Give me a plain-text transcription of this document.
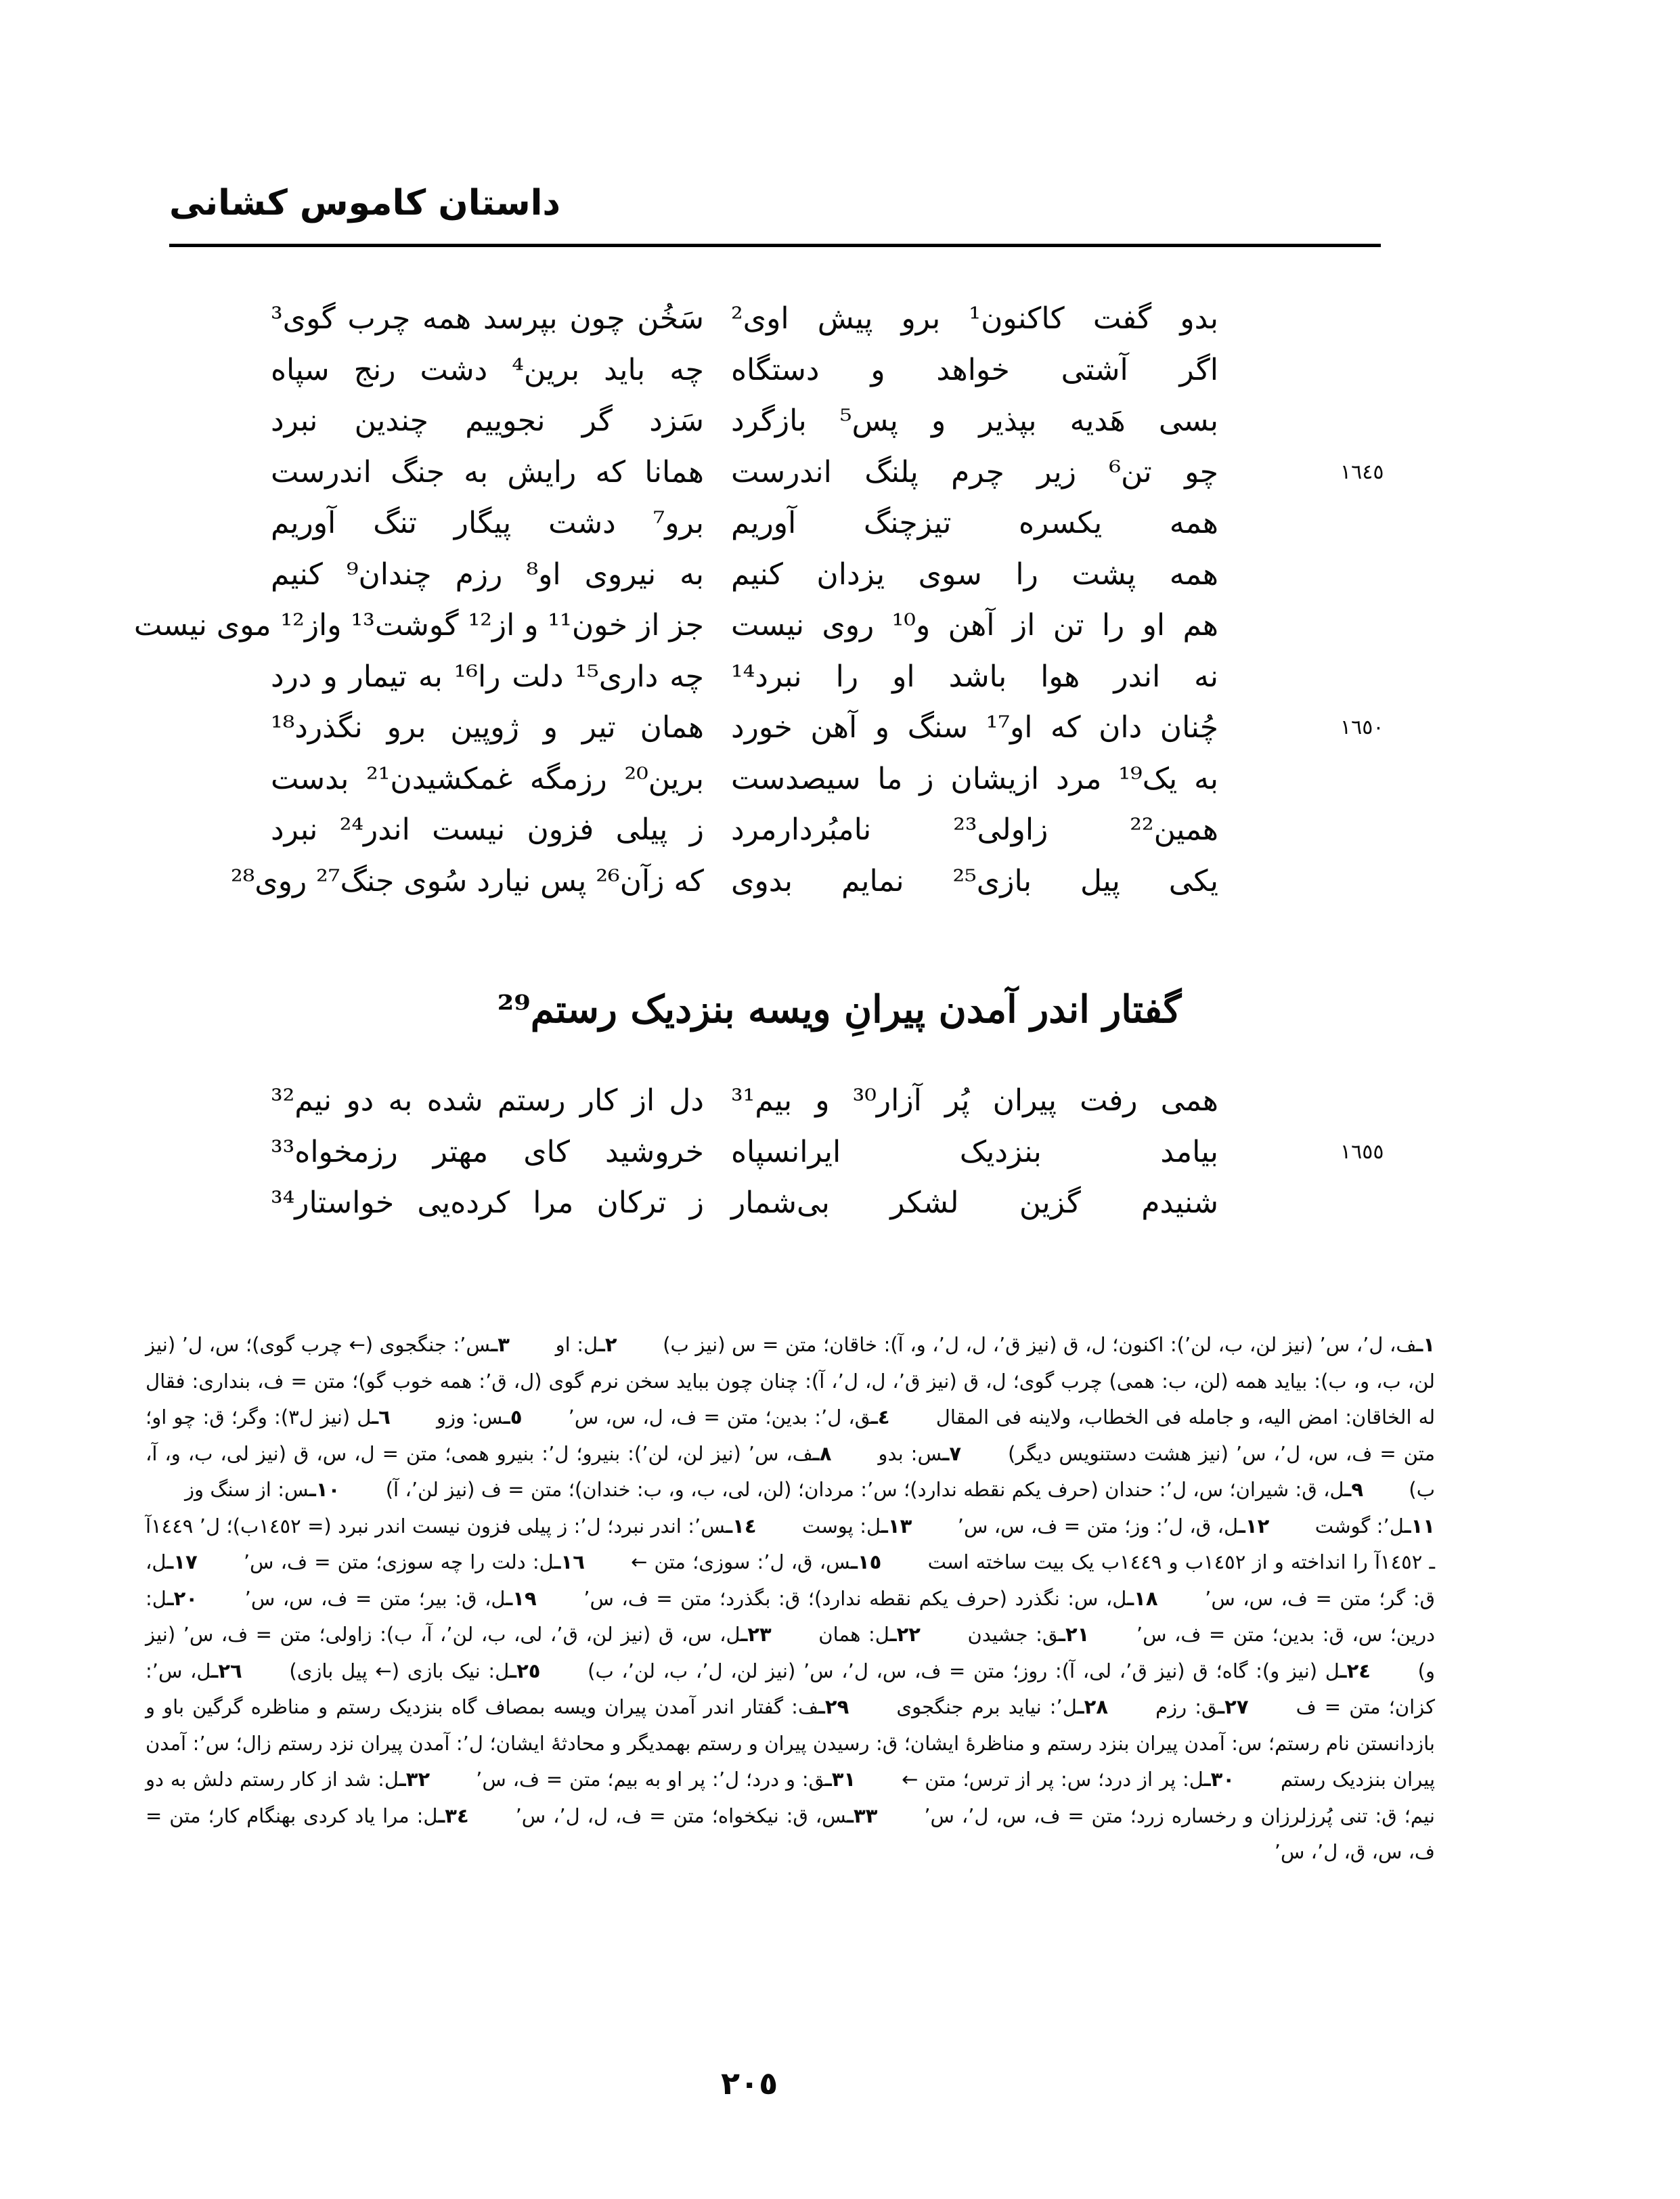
داستان کاموس کشانی
بدو گفت کاکنون¹ برو پیش اوی²
سَخُن چون بپرسد همه چرب گوی³
اگر آشتی خواهد و دستگاه
چه باید برین⁴ دشت رنج سپاه
بسی هَدیه بپذیر و پس⁵ بازگرد
سَزد گر نجوییم چندین نبرد
چو تن⁶ زیر چرم پلنگ اندرست
همانا که رایش به جنگ اندرست	١٦٤٥
همه یکسره تیزچنگ آوریم
برو⁷ دشت پیگار تنگ آوریم
همه پشت را سوی یزدان کنیم
به نیروی او⁸ رزم چندان⁹ کنیم
هم او را تن از آهن و¹⁰ روی نیست
جز از خون¹¹ و از¹² گوشت¹³ واز¹² موی نیست
نه اندر هوا باشد او را نبرد¹⁴
چه داری¹⁵ دلت را¹⁶ به تیمار و درد
چُنان دان که او¹⁷ سنگ و آهن خورد
همان تیر و ژوپین برو نگذرد¹⁸	١٦٥٠
به یک¹⁹ مرد ازیشان ز ما سیصدست
برین²⁰ رزمگه غمکشیدن²¹ بدست
همین²² زاولی²³ نامبُردارمرد
ز پیلی فزون نیست اندر²⁴ نبرد
یکی پیل بازی²⁵ نمایم بدوی
که زآن²⁶ پس نیارد سُوی جنگ²⁷ روی²⁸
گفتار اندر آمدن پیرانِ ویسه بنزدیک رستم²⁹
همی رفت پیران پُر آزار³⁰ و بیم³¹
دل از کار رستم شده به دو نیم³²
بیامد بنزدیک ایرانسپاه
خروشید کای مهتر رزمخواه³³	١٦٥٥
شنیدم گزین لشکر بی‌شمار
ز ترکان مرا کرده‌یی خواستار³⁴
١ـف، ل٬، س٬ (نیز لن، ب، لن٬): اکنون؛ ل، ق (نیز ق٬، ل، ل٬، و، آ): خاقان؛ متن = س (نیز ب)   ٢ـل: او   ٣ـس٬: جنگجوی (← چرب گوی)؛ س، ل٬ (نیز لن، ب، و، ب): بیاید همه (لن، ب: همی) چرب گوی؛ ل، ق (نیز ق٬، ل، ل٬، آ): چنان چون بباید سخن نرم گوی (ل، ق٬: همه خوب گو)؛ متن = ف، بنداری: فقال له الخاقان: امض الیه، و جامله فی الخطاب، ولاینه فی المقال   ٤ـق، ل٬: بدین؛ متن = ف، ل، س، س٬   ٥ـس: وزو   ٦ـل (نیز ل٣): وگر؛ ق: چو او؛ متن = ف، س، ل٬، س٬ (نیز هشت دستنویس دیگر)   ٧ـس: بدو   ٨ـف، س٬ (نیز لن، لن٬): بنیرو؛ ل٬: بنیرو همی؛ متن = ل، س، ق (نیز لی، ب، و، آ، ب)   ٩ـل، ق: شیران؛ س، ل٬: حندان (حرف یکم نقطه ندارد)؛ س٬: مردان؛ (لن، لی، ب، و، ب: خندان)؛ متن = ف (نیز لن٬، آ)   ١٠ـس: از سنگ وز   ١١ـل٬: گوشت   ١٢ـل، ق، ل٬: وز؛ متن = ف، س، س٬   ١٣ـل: پوست   ١٤ـس٬: اندر نبرد؛ ل٬: ز پیلی فزون نیست اندر نبرد (= ١٤٥٢ب)؛ ل٬ ١٤٤٩آ ـ ١٤٥٢آ را انداخته و از ١٤٥٢ب و ١٤٤٩ب یک بیت ساخته است   ١٥ـس، ق، ل٬: سوزی؛ متن ←   ١٦ـل: دلت را چه سوزی؛ متن = ف، س٬   ١٧ـل، ق: گر؛ متن = ف، س، س٬   ١٨ـل، س: نگذرد (حرف یکم نقطه ندارد)؛ ق: بگذرد؛ متن = ف، س٬   ١٩ـل، ق: بیر؛ متن = ف، س، س٬   ٢٠ـل: درین؛ س، ق: بدین؛ متن = ف، س٬   ٢١ـق: جشیدن   ٢٢ـل: همان   ٢٣ـل، س، ق (نیز لن، ق٬، لی، ب، لن٬، آ، ب): زاولی؛ متن = ف، س٬ (نیز و)   ٢٤ـل (نیز و): گاه؛ ق (نیز ق٬، لی، آ): روز؛ متن = ف، س، ل٬، س٬ (نیز لن، ل٬، ب، لن٬، ب)   ٢٥ـل: نیک بازی (← پیل بازی)   ٢٦ـل، س٬: کزان؛ متن = ف   ٢٧ـق: رزم   ٢٨ـل٬: نیاید برم جنگجوی   ٢٩ـف: گفتار اندر آمدن پیران ویسه بمصاف گاه بنزدیک رستم و مناظره گرگین باو و بازدانستن نام رستم؛ س: آمدن پیران بنزد رستم و مناظرهٔ ایشان؛ ق: رسیدن پیران و رستم بهمدیگر و محادثهٔ ایشان؛ ل٬: آمدن پیران نزد رستم زال؛ س٬: آمدن پیران بنزدیک رستم   ٣٠ـل: پر از درد؛ س: پر از ترس؛ متن ←   ٣١ـق: و درد؛ ل٬: پر او به بیم؛ متن = ف، س٬   ٣٢ـل: شد از کار رستم دلش به دو نیم؛ ق: تنی پُرزلرزان و رخساره زرد؛ متن = ف، س، ل٬، س٬   ٣٣ـس، ق: نیکخواه؛ متن = ف، ل، ل٬، س٬   ٣٤ـل: مرا یاد کردی بهنگام کار؛ متن = ف، س، ق، ل٬، س٬
٢٠٥
